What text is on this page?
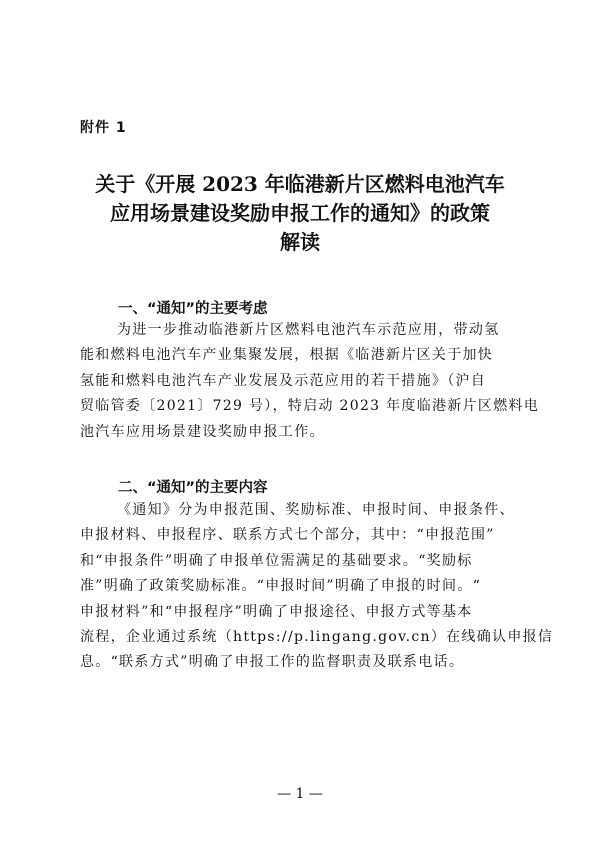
附件 1
关于《开展 2023 年临港新片区燃料电池汽车
应用场景建设奖励申报工作的通知》的政策
解读
一、“通知”的主要考虑
为进一步推动临港新片区燃料电池汽车示范应用，带动氢
能和燃料电池汽车产业集聚发展，根据《临港新片区关于加快
氢能和燃料电池汽车产业发展及示范应用的若干措施》（沪自
贸临管委〔2021〕729 号），特启动 2023 年度临港新片区燃料电
池汽车应用场景建设奖励申报工作。
二、“通知”的主要内容
《通知》分为申报范围、奖励标准、申报时间、申报条件、
申报材料、申报程序、联系方式七个部分，其中：“申报范围”
和“申报条件”明确了申报单位需满足的基础要求。“奖励标
准”明确了政策奖励标准。“申报时间”明确了申报的时间。“
申报材料”和“申报程序”明确了申报途径、申报方式等基本
流程，企业通过系统（https://p.lingang.gov.cn）在线确认申报信
息。“联系方式”明确了申报工作的监督职责及联系电话。
— 1 —
